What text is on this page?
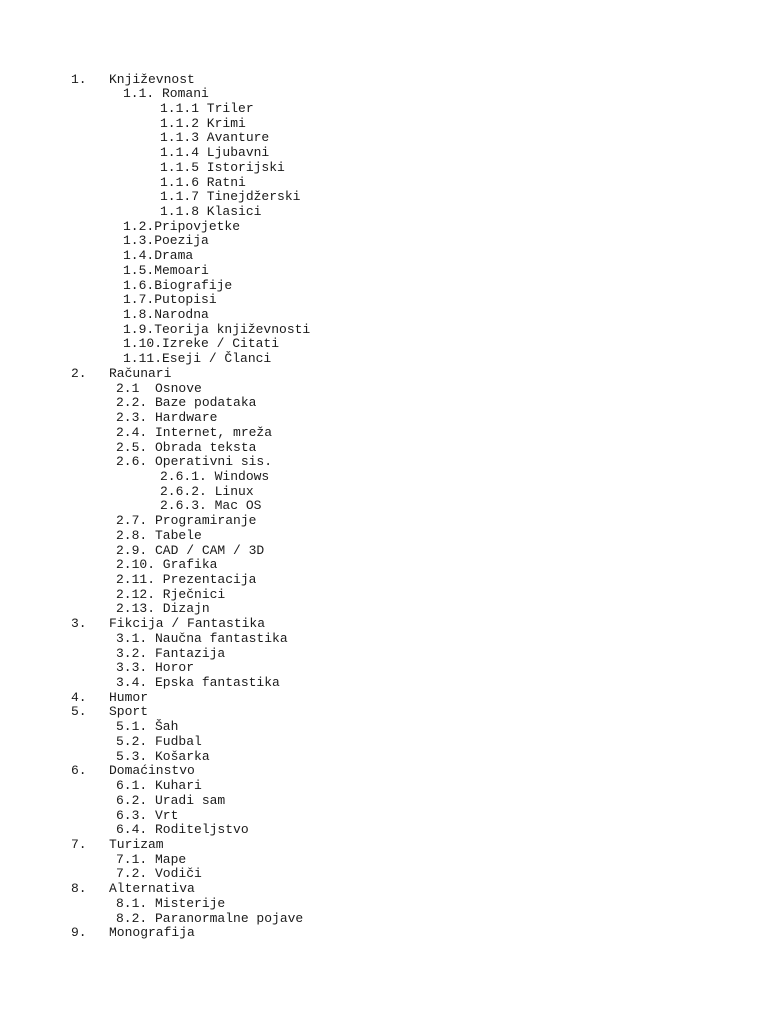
1. Književnost
1.1. Romani
1.1.1 Triler
1.1.2 Krimi
1.1.3 Avanture
1.1.4 Ljubavni
1.1.5 Istorijski
1.1.6 Ratni
1.1.7 Tinejdžerski
1.1.8 Klasici
1.2.Pripovjetke
1.3.Poezija
1.4.Drama
1.5.Memoari
1.6.Biografije
1.7.Putopisi
1.8.Narodna
1.9.Teorija književnosti
1.10.Izreke / Citati
1.11.Eseji / Članci
2. Računari
2.1  Osnove
2.2. Baze podataka
2.3. Hardware
2.4. Internet, mreža
2.5. Obrada teksta
2.6. Operativni sis.
2.6.1. Windows
2.6.2. Linux
2.6.3. Mac OS
2.7. Programiranje
2.8. Tabele
2.9. CAD / CAM / 3D
2.10. Grafika
2.11. Prezentacija
2.12. Rječnici
2.13. Dizajn
3. Fikcija / Fantastika
3.1. Naučna fantastika
3.2. Fantazija
3.3. Horor
3.4. Epska fantastika
4. Humor
5. Sport
5.1. Šah
5.2. Fudbal
5.3. Košarka
6. Domaćinstvo
6.1. Kuhari
6.2. Uradi sam
6.3. Vrt
6.4. Roditeljstvo
7. Turizam
7.1. Mape
7.2. Vodiči
8. Alternativa
8.1. Misterije
8.2. Paranormalne pojave
9. Monografija
